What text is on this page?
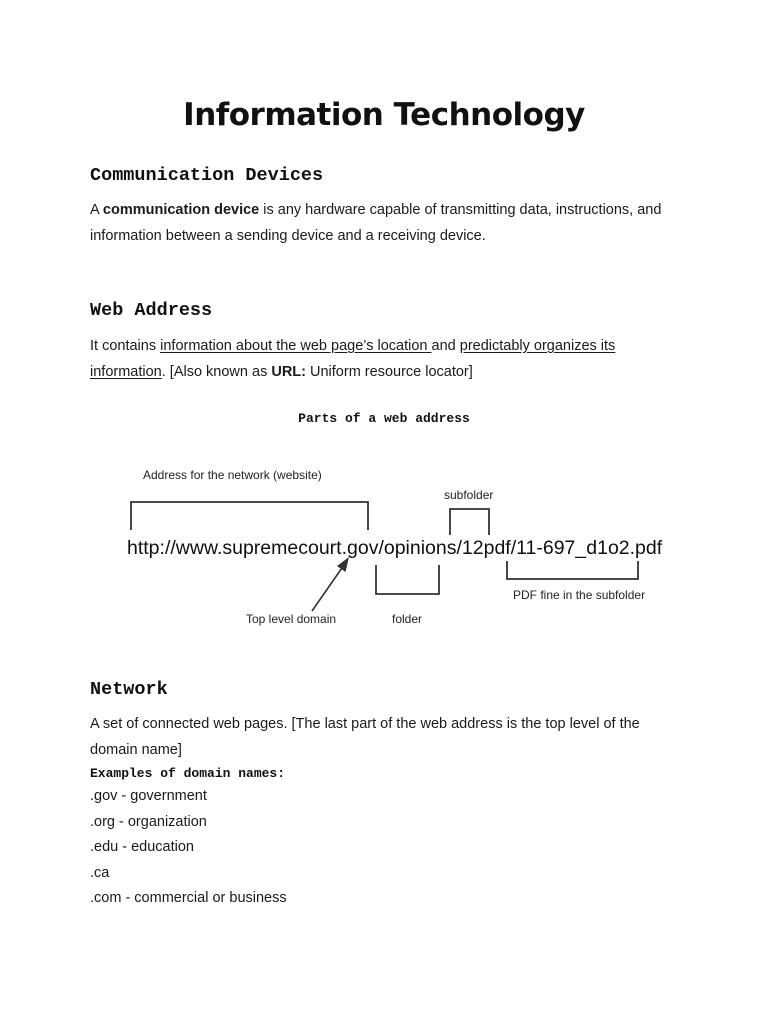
Information Technology
Communication Devices

A communication device is any hardware capable of transmitting data, instructions, and information between a sending device and a receiving device.

Web Address

It contains information about the web page’s location and predictably organizes its information. [Also known as URL: Uniform resource locator]

Parts of a web address
Address for the network (website)
subfolder
http://www.supremecourt.gov/opinions/12pdf/11-697_d1o2.pdf
folder
PDF fine in the subfolder
Top level domain
Network

A set of connected web pages. [The last part of the web address is the top level of the domain name]

Examples of domain names:
.gov - government
.org - organization
.edu - education
.ca
.com - commercial or business
